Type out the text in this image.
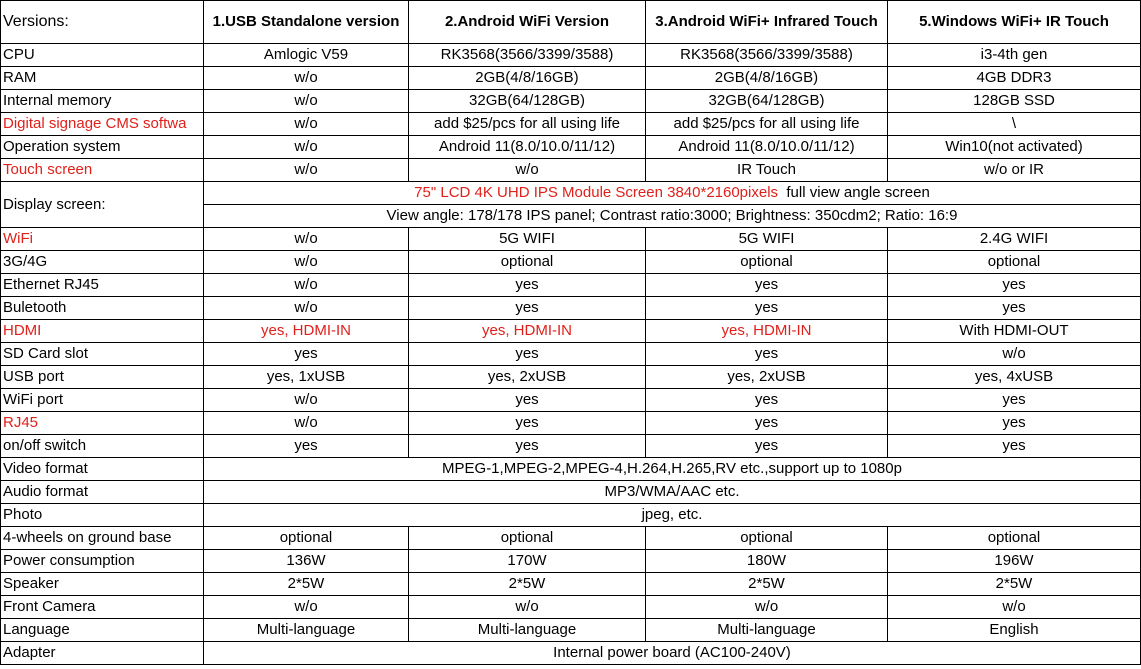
Versions:	1.USB Standalone version	2.Android WiFi Version	3.Android WiFi+ Infrared Touch	5.Windows WiFi+ IR Touch
CPU	Amlogic V59	RK3568(3566/3399/3588)	RK3568(3566/3399/3588)	i3-4th gen
RAM	w/o	2GB(4/8/16GB)	2GB(4/8/16GB)	4GB DDR3
Internal memory	w/o	32GB(64/128GB)	32GB(64/128GB)	128GB SSD
Digital signage CMS softwa	w/o	add $25/pcs for all using life	add $25/pcs for all using life	\
Operation system	w/o	Android 11(8.0/10.0/11/12)	Android 11(8.0/10.0/11/12)	Win10(not activated)
Touch screen	w/o	w/o	IR Touch	w/o or IR
Display screen:	75" LCD 4K UHD IPS Module Screen 3840*2160pixels full view angle screen			
	View angle: 178/178 IPS panel; Contrast ratio:3000; Brightness: 350cdm2; Ratio: 16:9			
WiFi	w/o	5G WIFI	5G WIFI	2.4G WIFI
3G/4G	w/o	optional	optional	optional
Ethernet RJ45	w/o	yes	yes	yes
Buletooth	w/o	yes	yes	yes
HDMI	yes, HDMI-IN	yes, HDMI-IN	yes, HDMI-IN	With HDMI-OUT
SD Card slot	yes	yes	yes	w/o
USB port	yes, 1xUSB	yes, 2xUSB	yes, 2xUSB	yes, 4xUSB
WiFi port	w/o	yes	yes	yes
RJ45	w/o	yes	yes	yes
on/off switch	yes	yes	yes	yes
Video format	MPEG-1,MPEG-2,MPEG-4,H.264,H.265,RV etc.,support up to 1080p			
Audio format	MP3/WMA/AAC etc.			
Photo	jpeg, etc.			
4-wheels on ground base	optional	optional	optional	optional
Power consumption	136W	170W	180W	196W
Speaker	2*5W	2*5W	2*5W	2*5W
Front Camera	w/o	w/o	w/o	w/o
Language	Multi-language	Multi-language	Multi-language	English
Adapter	Internal power board (AC100-240V)			
